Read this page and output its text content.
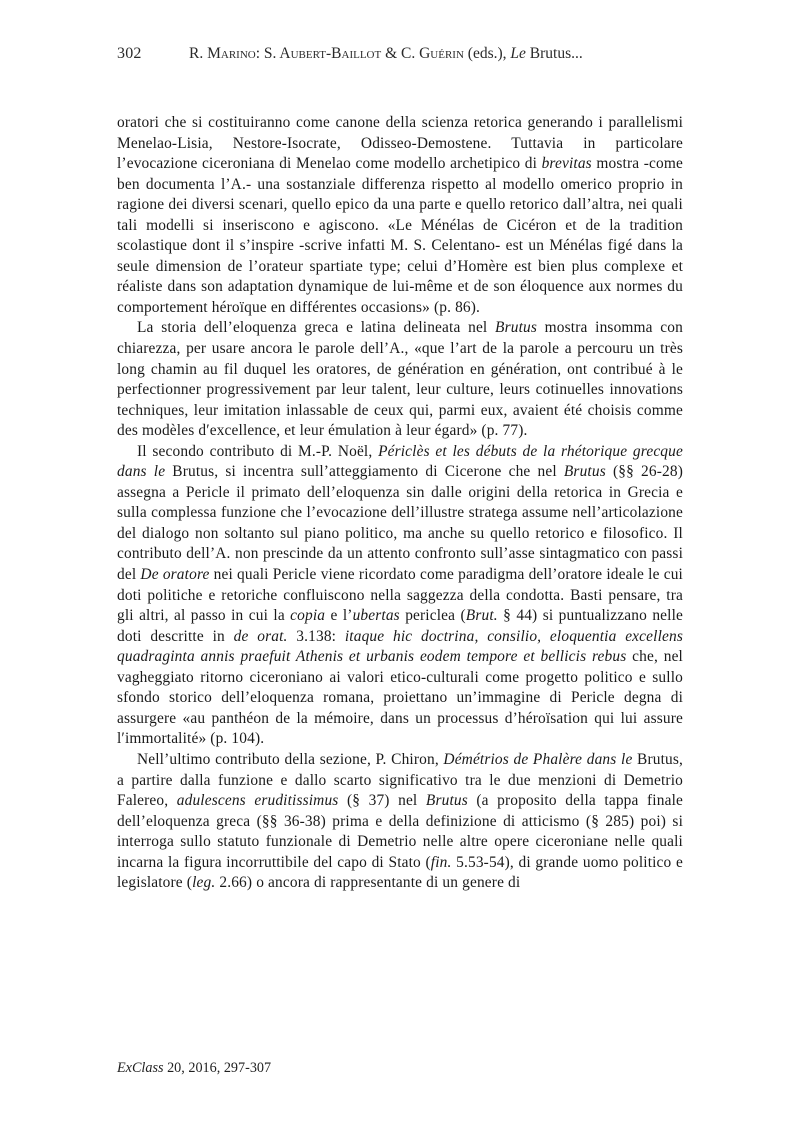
302	R. Marino: S. Aubert-Baillot & C. Guérin (eds.), Le Brutus...

oratori che si costituiranno come canone della scienza retorica generando i parallelismi Menelao-Lisia, Nestore-Isocrate, Odisseo-Demostene. Tuttavia in particolare l’evocazione ciceroniana di Menelao come modello archetipico di brevitas mostra -come ben documenta l’A.- una sostanziale differenza rispetto al modello omerico proprio in ragione dei diversi scenari, quello epico da una parte e quello retorico dall’altra, nei quali tali modelli si inseriscono e agiscono. «Le Ménélas de Cicéron et de la tradition scolastique dont il s’inspire -scrive infatti M. S. Celentano- est un Ménélas figé dans la seule dimension de l’orateur spartiate type; celui d’Homère est bien plus complexe et réaliste dans son adaptation dynamique de lui-même et de son éloquence aux normes du comportement héroïque en différentes occasions» (p. 86).

La storia dell’eloquenza greca e latina delineata nel Brutus mostra insomma con chiarezza, per usare ancora le parole dell’A., «que l’art de la parole a percouru un très long chamin au fil duquel les oratores, de génération en génération, ont contribué à le perfectionner progressivement par leur talent, leur culture, leurs cotinuelles innovations techniques, leur imitation inlassable de ceux qui, parmi eux, avaient été choisis comme des modèles d′excellence, et leur émulation à leur égard» (p. 77).

Il secondo contributo di M.-P. Noël, Périclès et les débuts de la rhétorique grecque dans le Brutus, si incentra sull’atteggiamento di Cicerone che nel Brutus (§§ 26-28) assegna a Pericle il primato dell’eloquenza sin dalle origini della retorica in Grecia e sulla complessa funzione che l’evocazione dell’illustre stratega assume nell’articolazione del dialogo non soltanto sul piano politico, ma anche su quello retorico e filosofico. Il contributo dell’A. non prescinde da un attento confronto sull’asse sintagmatico con passi del De oratore nei quali Pericle viene ricordato come paradigma dell’oratore ideale le cui doti politiche e retoriche confluiscono nella saggezza della condotta. Basti pensare, tra gli altri, al passo in cui la copia e l’ubertas periclea (Brut. § 44) si puntualizzano nelle doti descritte in de orat. 3.138: itaque hic doctrina, consilio, eloquentia excellens quadraginta annis praefuit Athenis et urbanis eodem tempore et bellicis rebus che, nel vagheggiato ritorno ciceroniano ai valori etico-culturali come progetto politico e sullo sfondo storico dell’eloquenza romana, proiettano un’immagine di Pericle degna di assurgere «au panthéon de la mémoire, dans un processus d’héroïsation qui lui assure l′immortalité» (p. 104).

Nell’ultimo contributo della sezione, P. Chiron, Démétrios de Phalère dans le Brutus, a partire dalla funzione e dallo scarto significativo tra le due menzioni di Demetrio Falereo, adulescens eruditissimus (§ 37) nel Brutus (a proposito della tappa finale dell’eloquenza greca (§§ 36-38) prima e della definizione di atticismo (§ 285) poi) si interroga sullo statuto funzionale di Demetrio nelle altre opere ciceroniane nelle quali incarna la figura incorruttibile del capo di Stato (fin. 5.53-54), di grande uomo politico e legislatore (leg. 2.66) o ancora di rappresentante di un genere di

ExClass 20, 2016, 297-307
